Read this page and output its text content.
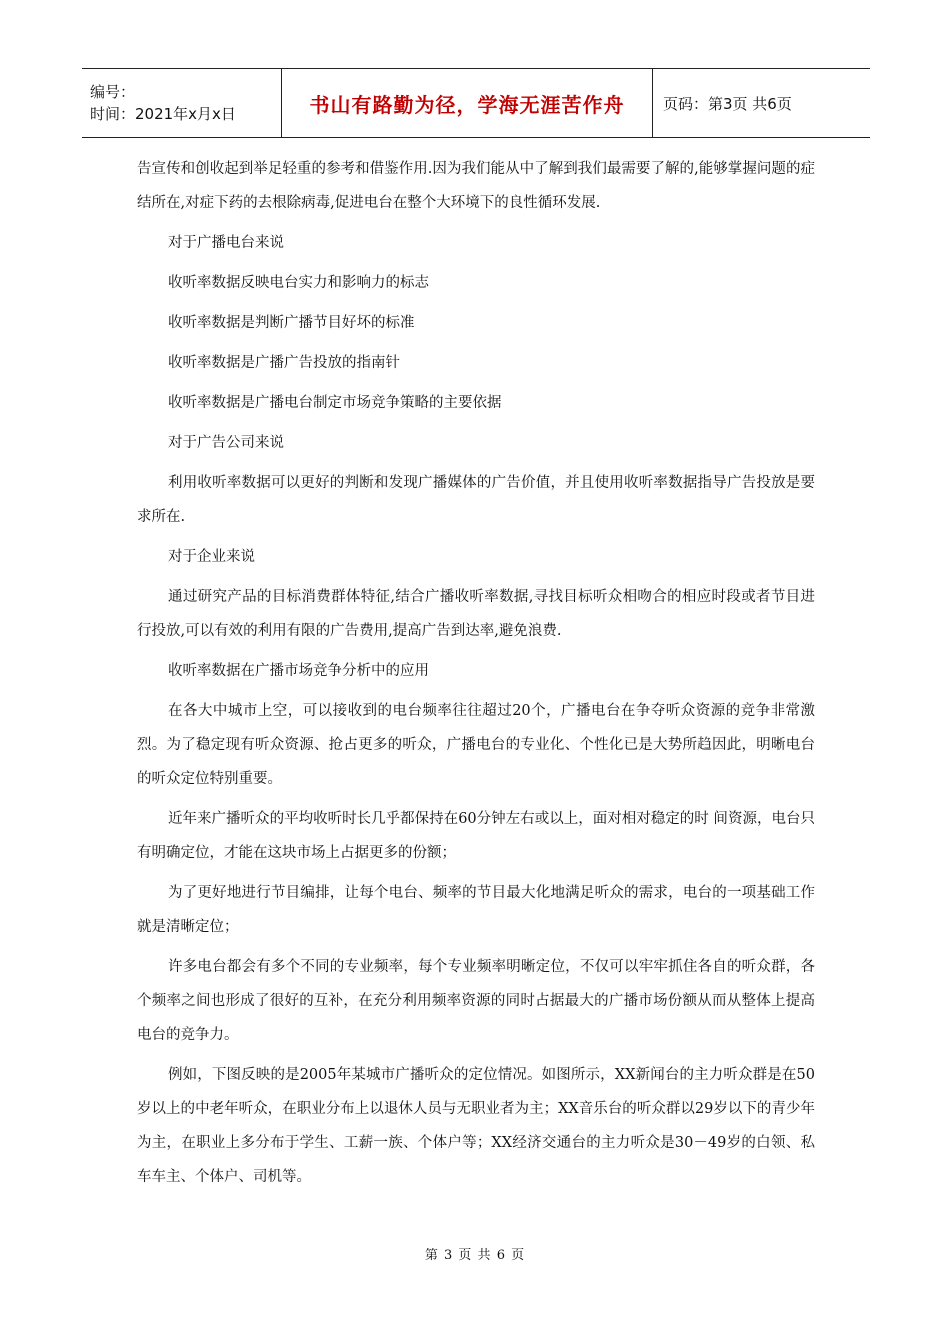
编号：
时间：2021年x月x日	书山有路勤为径，学海无涯苦作舟	页码：第3页 共6页

告宣传和创收起到举足轻重的参考和借鉴作用.因为我们能从中了解到我们最需要了解的,能够掌握问题的症结所在,对症下药的去根除病毒,促进电台在整个大环境下的良性循环发展.

对于广播电台来说

收听率数据反映电台实力和影响力的标志

收听率数据是判断广播节目好坏的标准

收听率数据是广播广告投放的指南针

收听率数据是广播电台制定市场竞争策略的主要依据

对于广告公司来说

利用收听率数据可以更好的判断和发现广播媒体的广告价值，并且使用收听率数据指导广告投放是要求所在.

对于企业来说

通过研究产品的目标消费群体特征,结合广播收听率数据,寻找目标听众相吻合的相应时段或者节目进行投放,可以有效的利用有限的广告费用,提高广告到达率,避免浪费.

收听率数据在广播市场竞争分析中的应用

在各大中城市上空，可以接收到的电台频率往往超过20个，广播电台在争夺听众资源的竞争非常激烈。为了稳定现有听众资源、抢占更多的听众，广播电台的专业化、个性化已是大势所趋因此，明晰电台的听众定位特别重要。

近年来广播听众的平均收听时长几乎都保持在60分钟左右或以上，面对相对稳定的时 间资源，电台只有明确定位，才能在这块市场上占据更多的份额；

为了更好地进行节目编排，让每个电台、频率的节目最大化地满足听众的需求，电台的一项基础工作就是清晰定位；

许多电台都会有多个不同的专业频率，每个专业频率明晰定位，不仅可以牢牢抓住各自的听众群，各个频率之间也形成了很好的互补，在充分利用频率资源的同时占据最大的广播市场份额从而从整体上提高电台的竞争力。

例如，下图反映的是2005年某城市广播听众的定位情况。如图所示，XX新闻台的主力听众群是在50岁以上的中老年听众，在职业分布上以退休人员与无职业者为主；XX音乐台的听众群以29岁以下的青少年为主，在职业上多分布于学生、工薪一族、个体户等；XX经济交通台的主力听众是30－49岁的白领、私车车主、个体户、司机等。

第 3 页 共 6 页
